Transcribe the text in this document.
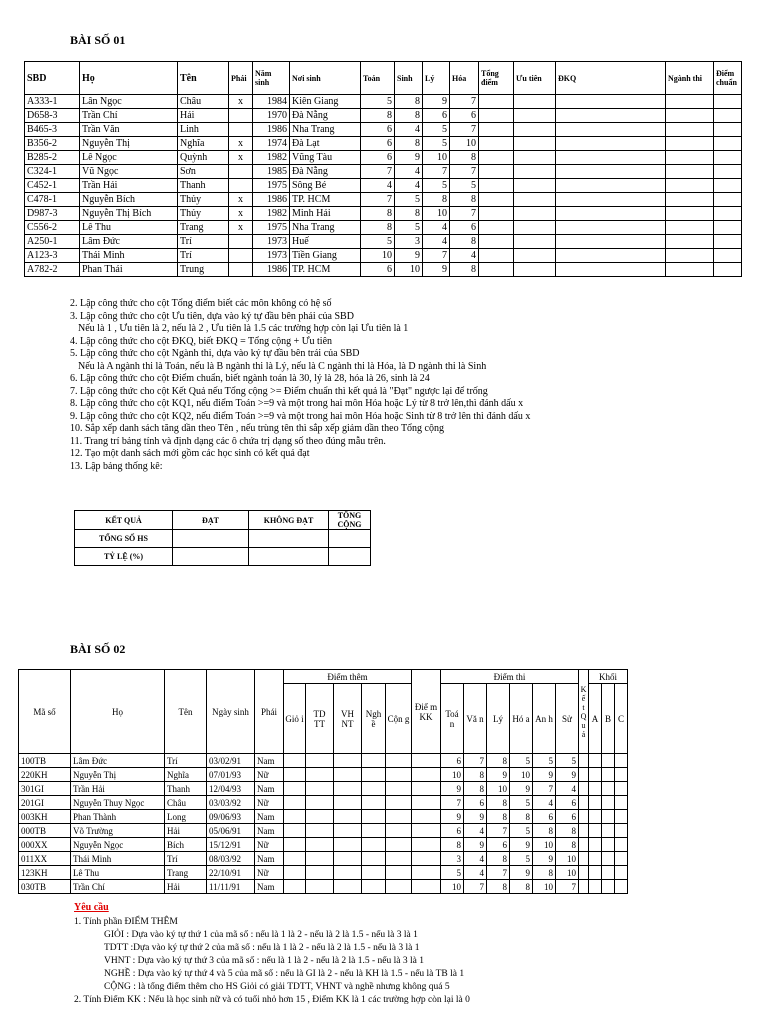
BÀI SỐ 01
SBD	Họ	Tên	Phái	Năm sinh	Nơi sinh	Toán	Sinh	Lý	Hóa	Tổng điểm	Ưu tiên	ĐKQ	Ngành thi	Điểm chuẩn
A333-1	Lân Ngọc	Châu	x	1984	Kiên Giang	5	8	9	7					
D658-3	Trần Chí	Hải		1970	Đà Nẵng	8	8	6	6					
B465-3	Trần Văn	Linh		1986	Nha Trang	6	4	5	7					
B356-2	Nguyễn Thị	Nghĩa	x	1974	Đà Lạt	6	8	5	10					
B285-2	Lê Ngọc	Quỳnh	x	1982	Vũng Tàu	6	9	10	8					
C324-1	Vũ Ngọc	Sơn		1985	Đà Nẵng	7	4	7	7					
C452-1	Trần Hải	Thanh		1975	Sông Bé	4	4	5	5					
C478-1	Nguyễn Bích	Thủy	x	1986	TP. HCM	7	5	8	8					
D987-3	Nguyễn Thị Bích	Thủy	x	1982	Minh Hải	8	8	10	7					
C556-2	Lê Thu	Trang	x	1975	Nha Trang	8	5	4	6					
A250-1	Lâm Đức	Trí		1973	Huế	5	3	4	8					
A123-3	Thái Minh	Trí		1973	Tiền Giang	10	9	7	4					
A782-2	Phan Thái	Trung		1986	TP. HCM	6	10	9	8					
2. Lập công thức cho cột Tổng điểm biết các môn không có hệ số
3. Lập công thức cho cột Ưu tiên, dựa vào ký tự đầu bên phải của SBD
Nếu là 1 , Ưu tiên là 2, nếu là 2 , Ưu tiên là 1.5 các trường hợp còn lại Ưu tiên là 1
4. Lập công thức cho cột ĐKQ, biết ĐKQ = Tổng cộng + Ưu tiên
5. Lập công thức cho cột Ngành thi, dựa vào ký tự đầu bên trái của SBD
Nếu là A ngành thi là Toán, nếu là B ngành thi là Lý, nếu là C ngành thi là Hóa, là D ngành thi là Sinh
6. Lập công thức cho cột Điểm chuẩn, biết ngành toán là 30, lý là 28, hóa là 26, sinh là 24
7. Lập công thức cho cột Kết Quả nếu Tổng cộng >= Điểm chuẩn thì kết quả là "Đạt" ngược lại để trống
8. Lập công thức cho cột KQ1, nếu điểm Toán >=9 và một trong hai môn Hóa hoặc Lý từ 8 trở lên,thì đánh dấu x
9. Lập công thức cho cột KQ2, nếu điểm Toán >=9 và một trong hai môn Hóa hoặc Sinh từ 8 trở lên thì đánh dấu x
10. Sắp xếp danh sách tăng dần theo Tên , nếu trùng tên thì sắp xếp giảm dần theo Tổng cộng
11. Trang trí bảng tính và định dạng các ô chứa trị dạng số theo đúng mẫu trên.
12. Tạo một danh sách mới gồm các học sinh có kết quả đạt
13. Lập bảng thống kê:
KẾT QUẢ	ĐẠT	KHÔNG ĐẠT	TỔNG CỘNG
TỔNG SỐ HS			
TỶ LỆ (%)			
BÀI SỐ 02
Mã số	Họ	Tên	Ngày sinh	Phái	Điểm thêm					Điể m KK	Điểm thi						K ế t Q u ả	Khối		
					Giỏ i	TD TT	VH NT	Ngh ề	Cộn g		Toá n	Vă n	Lý	Hó a	An h	Sử		A	B	C
100TB	Lâm Đức	Trí	03/02/91	Nam							6	7	8	5	5	5				
220KH	Nguyễn Thị	Nghĩa	07/01/93	Nữ							10	8	9	10	9	9				
301GI	Trần Hải	Thanh	12/04/93	Nam							9	8	10	9	7	4				
201GI	Nguyễn Thuy Ngọc	Châu	03/03/92	Nữ							7	6	8	5	4	6				
003KH	Phan Thành	Long	09/06/93	Nam							9	9	8	8	6	6				
000TB	Võ Trường	Hải	05/06/91	Nam							6	4	7	5	8	8				
000XX	Nguyễn Ngọc	Bích	15/12/91	Nữ							8	9	6	9	10	8				
011XX	Thái Minh	Trí	08/03/92	Nam							3	4	8	5	9	10				
123KH	Lê Thu	Trang	22/10/91	Nữ							5	4	7	9	8	10				
030TB	Trần Chí	Hải	11/11/91	Nam							10	7	8	8	10	7				
Yêu cầu
1. Tính phần ĐIỂM THÊM
GIỎI : Dựa vào ký tự thứ 1 của mã số : nếu là 1 là 2 - nếu là 2 là 1.5 - nếu là 3 là 1
TDTT :Dựa vào ký tự thứ 2 của mã số : nếu là 1 là 2 - nếu là 2 là 1.5 - nếu là 3 là 1
VHNT : Dựa vào ký tự thứ 3 của mã số : nếu là 1 là 2 - nếu là 2 là 1.5 - nếu là 3 là 1
NGHỀ : Dựa vào ký tự thứ 4 và 5 của mã số : nếu là GI là 2 - nếu là KH là 1.5 - nếu là TB là 1
CỘNG : là tổng điểm thêm cho HS Giỏi có giải TDTT, VHNT và nghề nhưng không quá 5
2. Tính Điểm KK : Nếu là học sinh nữ và có tuổi nhỏ hơn 15 , Điểm KK là 1 các trường hợp còn lại là 0
